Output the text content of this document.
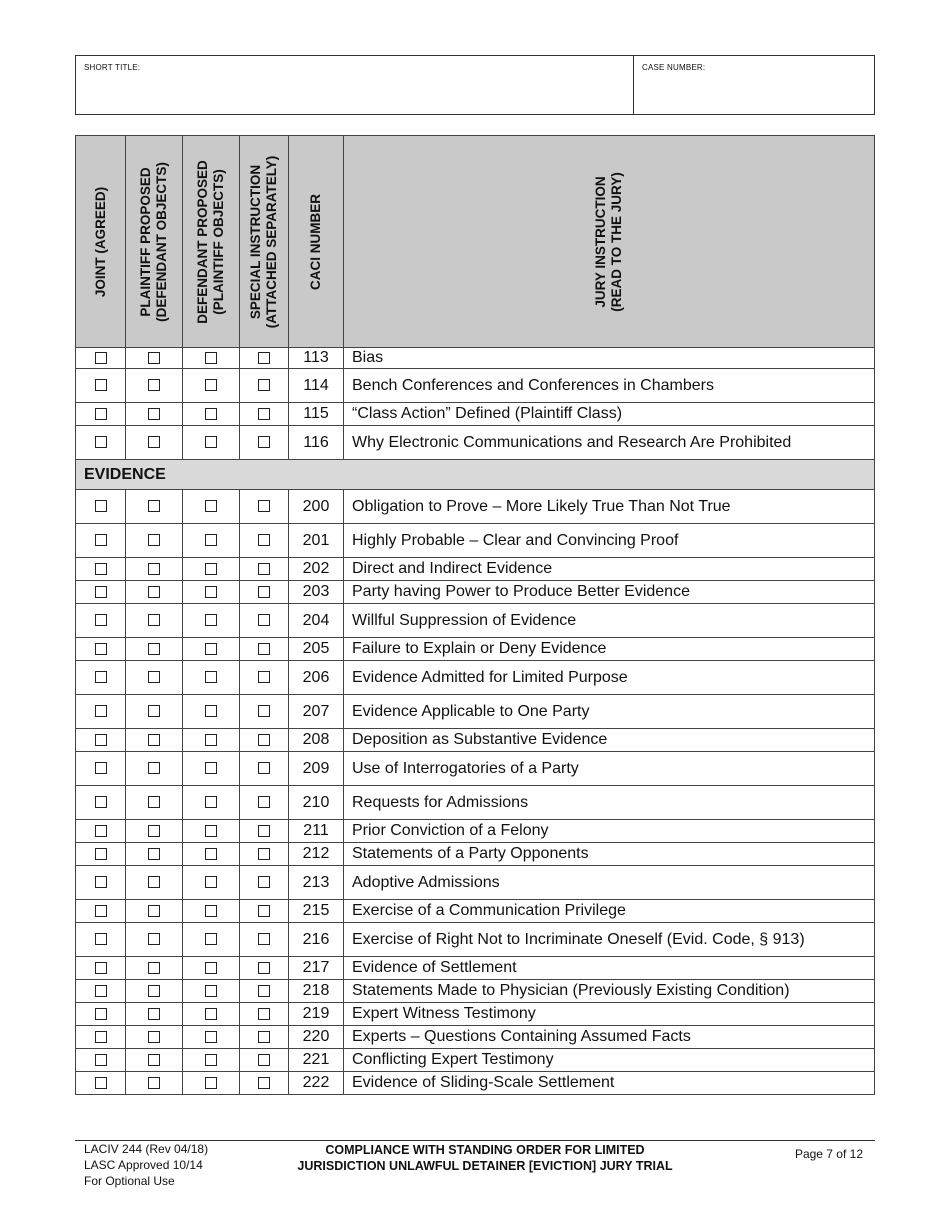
SHORT TITLE:	CASE NUMBER:
JOINT (AGREED)	PLAINTIFF PROPOSED (DEFENDANT OBJECTS)	DEFENDANT PROPOSED (PLAINTIFF OBJECTS)	SPECIAL INSTRUCTION (ATTACHED SEPARATELY)	CACI NUMBER	JURY INSTRUCTION (READ TO THE JURY)

				113	Bias
				114	Bench Conferences and Conferences in Chambers
				115	“Class Action” Defined (Plaintiff Class)
				116	Why Electronic Communications and Research Are Prohibited
EVIDENCE					
				200	Obligation to Prove – More Likely True Than Not True
				201	Highly Probable – Clear and Convincing Proof
				202	Direct and Indirect Evidence
				203	Party having Power to Produce Better Evidence
				204	Willful Suppression of Evidence
				205	Failure to Explain or Deny Evidence
				206	Evidence Admitted for Limited Purpose
				207	Evidence Applicable to One Party
				208	Deposition as Substantive Evidence
				209	Use of Interrogatories of a Party
				210	Requests for Admissions
				211	Prior Conviction of a Felony
				212	Statements of a Party Opponents
				213	Adoptive Admissions
				215	Exercise of a Communication Privilege
				216	Exercise of Right Not to Incriminate Oneself (Evid. Code, § 913)
				217	Evidence of Settlement
				218	Statements Made to Physician (Previously Existing Condition)
				219	Expert Witness Testimony
				220	Experts – Questions Containing Assumed Facts
				221	Conflicting Expert Testimony
				222	Evidence of Sliding-Scale Settlement
LACIV 244 (Rev 04/18)
LASC Approved 10/14
For Optional Use
COMPLIANCE WITH STANDING ORDER FOR LIMITED
JURISDICTION UNLAWFUL DETAINER [EVICTION] JURY TRIAL
Page 7 of 12
